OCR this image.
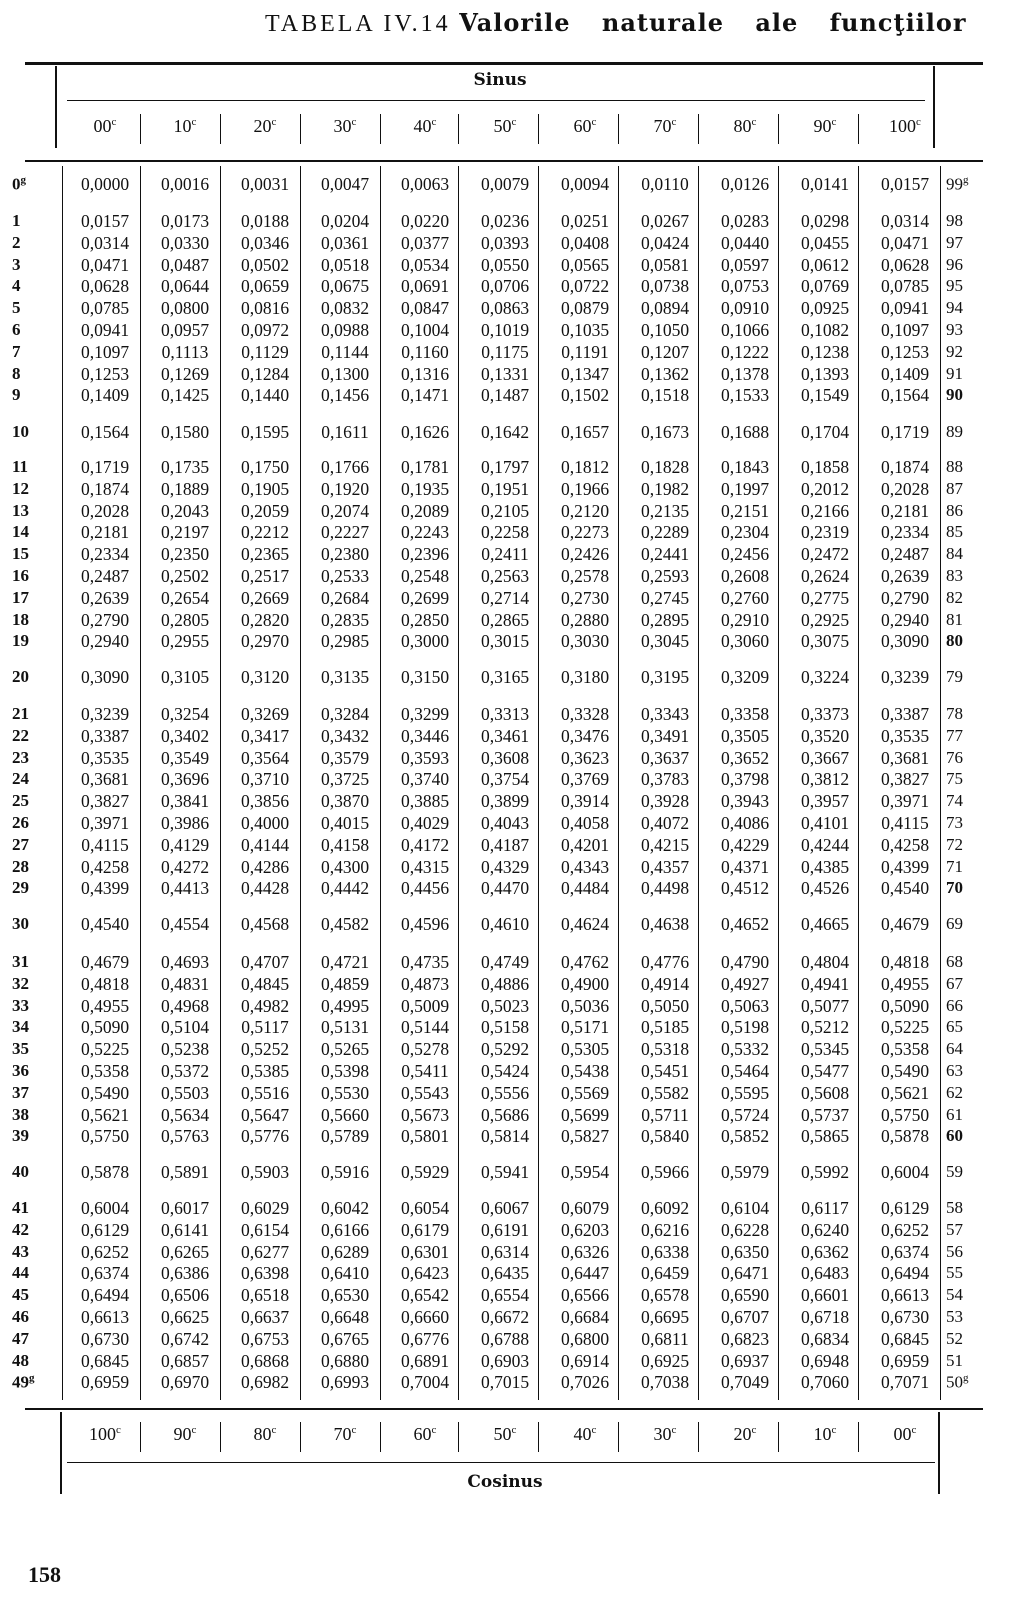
TABELA IV.14 Valorile naturale ale funcţiilor
Sinus
00$^c$	10$^c$	20$^c$	30$^c$	40$^c$	50$^c$	60$^c$	70$^c$	80$^c$	90$^c$	100$^c$
0$^g$	0,0000	0,0016	0,0031	0,0047	0,0063	0,0079	0,0094	0,0110	0,0126	0,0141	0,0157 99$^g$
1	0,0157	0,0173	0,0188	0,0204	0,0220	0,0236	0,0251	0,0267	0,0283	0,0298	0,0314 98
2	0,0314	0,0330	0,0346	0,0361	0,0377	0,0393	0,0408	0,0424	0,0440	0,0455	0,0471 97
3	0,0471	0,0487	0,0502	0,0518	0,0534	0,0550	0,0565	0,0581	0,0597	0,0612	0,0628 96
4	0,0628	0,0644	0,0659	0,0675	0,0691	0,0706	0,0722	0,0738	0,0753	0,0769	0,0785 95
5	0,0785	0,0800	0,0816	0,0832	0,0847	0,0863	0,0879	0,0894	0,0910	0,0925	0,0941 94
6	0,0941	0,0957	0,0972	0,0988	0,1004	0,1019	0,1035	0,1050	0,1066	0,1082	0,1097 93
7	0,1097	0,1113	0,1129	0,1144	0,1160	0,1175	0,1191	0,1207	0,1222	0,1238	0,1253 92
8	0,1253	0,1269	0,1284	0,1300	0,1316	0,1331	0,1347	0,1362	0,1378	0,1393	0,1409 91
9	0,1409	0,1425	0,1440	0,1456	0,1471	0,1487	0,1502	0,1518	0,1533	0,1549	0,1564 90
10	0,1564	0,1580	0,1595	0,1611	0,1626	0,1642	0,1657	0,1673	0,1688	0,1704	0,1719 89
11	0,1719	0,1735	0,1750	0,1766	0,1781	0,1797	0,1812	0,1828	0,1843	0,1858	0,1874 88
12	0,1874	0,1889	0,1905	0,1920	0,1935	0,1951	0,1966	0,1982	0,1997	0,2012	0,2028 87
13	0,2028	0,2043	0,2059	0,2074	0,2089	0,2105	0,2120	0,2135	0,2151	0,2166	0,2181 86
14	0,2181	0,2197	0,2212	0,2227	0,2243	0,2258	0,2273	0,2289	0,2304	0,2319	0,2334 85
15	0,2334	0,2350	0,2365	0,2380	0,2396	0,2411	0,2426	0,2441	0,2456	0,2472	0,2487 84
16	0,2487	0,2502	0,2517	0,2533	0,2548	0,2563	0,2578	0,2593	0,2608	0,2624	0,2639 83
17	0,2639	0,2654	0,2669	0,2684	0,2699	0,2714	0,2730	0,2745	0,2760	0,2775	0,2790 82
18	0,2790	0,2805	0,2820	0,2835	0,2850	0,2865	0,2880	0,2895	0,2910	0,2925	0,2940 81
19	0,2940	0,2955	0,2970	0,2985	0,3000	0,3015	0,3030	0,3045	0,3060	0,3075	0,3090 80
20	0,3090	0,3105	0,3120	0,3135	0,3150	0,3165	0,3180	0,3195	0,3209	0,3224	0,3239 79
21	0,3239	0,3254	0,3269	0,3284	0,3299	0,3313	0,3328	0,3343	0,3358	0,3373	0,3387 78
22	0,3387	0,3402	0,3417	0,3432	0,3446	0,3461	0,3476	0,3491	0,3505	0,3520	0,3535 77
23	0,3535	0,3549	0,3564	0,3579	0,3593	0,3608	0,3623	0,3637	0,3652	0,3667	0,3681 76
24	0,3681	0,3696	0,3710	0,3725	0,3740	0,3754	0,3769	0,3783	0,3798	0,3812	0,3827 75
25	0,3827	0,3841	0,3856	0,3870	0,3885	0,3899	0,3914	0,3928	0,3943	0,3957	0,3971 74
26	0,3971	0,3986	0,4000	0,4015	0,4029	0,4043	0,4058	0,4072	0,4086	0,4101	0,4115	73
27	0,4115	0,4129	0,4144	0,4158	0,4172	0,4187	0,4201	0,4215	0,4229	0,4244	0,4258 72
28	0,4258	0,4272	0,4286	0,4300	0,4315	0,4329	0,4343	0,4357	0,4371	0,4385	0,4399 71
29	0,4399	0,4413	0,4428	0,4442	0,4456	0,4470	0,4484	0,4498	0,4512	0,4526	0,4540 70
30	0,4540	0,4554	0,4568	0,4582	0,4596	0,4610	0,4624	0,4638	0,4652	0,4665	0,4679 69
31	0,4679	0,4693	0,4707	0,4721	0,4735	0,4749	0,4762	0,4776	0,4790	0,4804	0,4818 68
32	0,4818	0,4831	0,4845	0,4859	0,4873	0,4886	0,4900	0,4914	0,4927	0,4941	0,4955 67
33	0,4955	0,4968	0,4982	0,4995	0,5009	0,5023	0,5036	0,5050	0,5063	0,5077	0,5090 66
34	0,5090	0,5104	0,5117	0,5131	0,5144	0,5158	0,5171	0,5185	0,5198	0,5212	0,5225 65
35	0,5225	0,5238	0,5252	0,5265	0,5278	0,5292	0,5305	0,5318	0,5332	0,5345	0,5358 64
36	0,5358	0,5372	0,5385	0,5398	0,5411	0,5424	0,5438	0,5451	0,5464	0,5477	0,5490 63
37	0,5490	0,5503	0,5516	0,5530	0,5543	0,5556	0,5569	0,5582	0,5595	0,5608	0,5621 62
38	0,5621	0,5634	0,5647	0,5660	0,5673	0,5686	0,5699	0,5711	0,5724	0,5737	0,5750 61
39	0,5750	0,5763	0,5776	0,5789	0,5801	0,5814	0,5827	0,5840	0,5852	0,5865	0,5878 60
40	0,5878	0,5891	0,5903	0,5916	0,5929	0,5941	0,5954	0,5966	0,5979	0,5992	0,6004 59
41	0,6004	0,6017	0,6029	0,6042	0,6054	0,6067	0,6079	0,6092	0,6104	0,6117	0,6129 58
42	0,6129	0,6141	0,6154	0,6166	0,6179	0,6191	0,6203	0,6216	0,6228	0,6240	0,6252 57
43	0,6252	0,6265	0,6277	0,6289	0,6301	0,6314	0,6326	0,6338	0,6350	0,6362	0,6374 56
44	0,6374	0,6386	0,6398	0,6410	0,6423	0,6435	0,6447	0,6459	0,6471	0,6483	0,6494 55
45	0,6494	0,6506	0,6518	0,6530	0,6542	0,6554	0,6566	0,6578	0,6590	0,6601	0,6613 54
46	0,6613	0,6625	0,6637	0,6648	0,6660	0,6672	0,6684	0,6695	0,6707	0,6718	0,6730 53
47	0,6730	0,6742	0,6753	0,6765	0,6776	0,6788	0,6800	0,6811	0,6823	0,6834	0,6845 52
48	0,6845	0,6857	0,6868	0,6880	0,6891	0,6903	0,6914	0,6925	0,6937	0,6948	0,6959 51
49$^g$	0,6959	0,6970	0,6982	0,6993	0,7004	0,7015	0,7026	0,7038	0,7049	0,7060	0,7071 50$^g$
100$^c$	90$^c$	80$^c$	70$^c$	60$^c$	50$^c$	40$^c$	30$^c$	20$^c$	10$^c$	00$^c$
Cosinus
158
